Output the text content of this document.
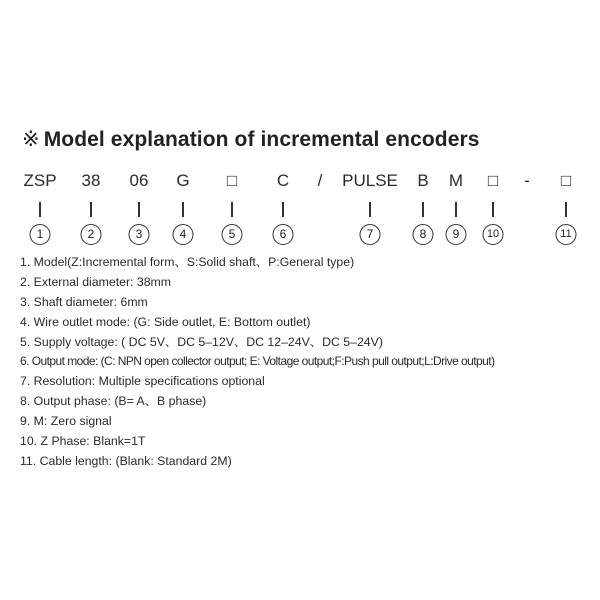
※ Model explanation of incremental encoders
ZSP 38 06 G □ C / PULSE B M □ - □
1	2	3	4	5	6	7	8	9	10	11
1. Model(Z:Incremental form、S:Solid shaft、P:General type)
2. External diameter: 38mm
3. Shaft diameter: 6mm
4. Wire outlet mode: (G: Side outlet, E: Bottom outlet)
5. Supply voltage: ( DC 5V、DC 5–12V、DC 12–24V、DC 5–24V)
6. Output mode: (C: NPN open collector output; E: Voltage output;F:Push pull output;L:Drive output)
7. Resolution: Multiple specifications optional
8. Output phase: (B= A、B phase)
9. M: Zero signal
10. Z Phase: Blank=1T
11. Cable length: (Blank: Standard 2M)
